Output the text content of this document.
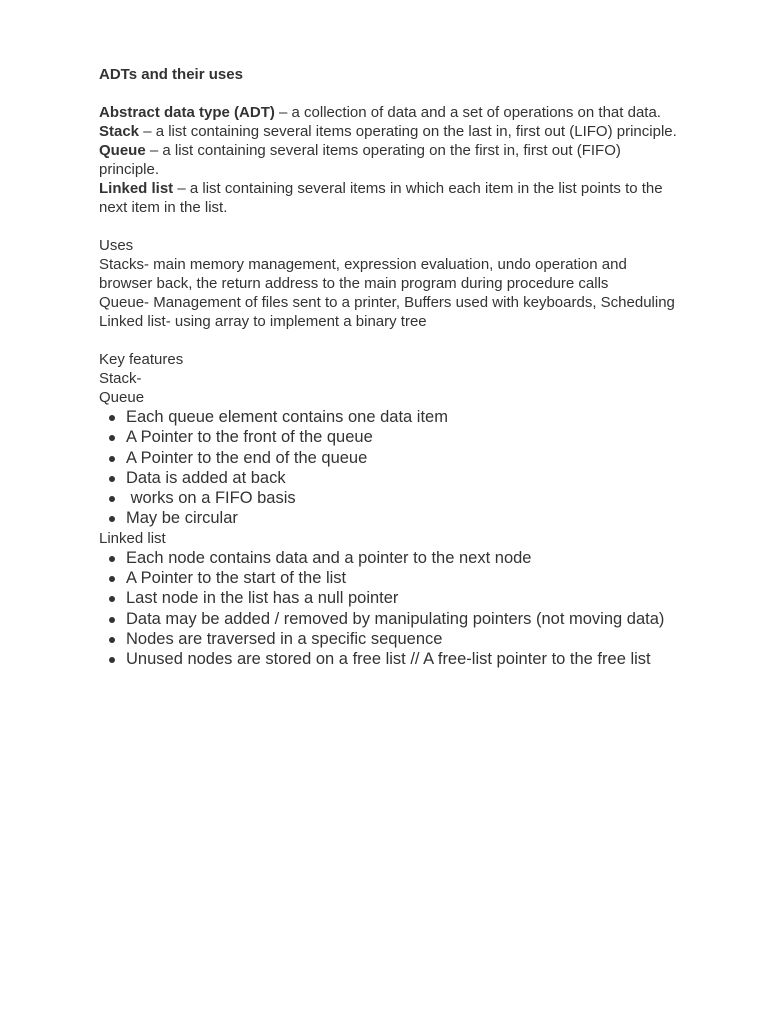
ADTs and their uses

Abstract data type (ADT) – a collection of data and a set of operations on that data.

Stack – a list containing several items operating on the last in, first out (LIFO) principle.

Queue – a list containing several items operating on the first in, first out (FIFO) principle.

Linked list – a list containing several items in which each item in the list points to the next item in the list.

Uses

Stacks- main memory management, expression evaluation, undo operation and browser back, the return address to the main program during procedure calls

Queue- Management of files sent to a printer, Buffers used with keyboards, Scheduling

Linked list- using array to implement a binary tree

Key features

Stack-

Queue

Each queue element contains one data item
A Pointer to the front of the queue
A Pointer to the end of the queue
Data is added at back
works on a FIFO basis
May be circular

Linked list

Each node contains data and a pointer to the next node
A Pointer to the start of the list
Last node in the list has a null pointer
Data may be added / removed by manipulating pointers (not moving data)
Nodes are traversed in a specific sequence
Unused nodes are stored on a free list // A free-list pointer to the free list
